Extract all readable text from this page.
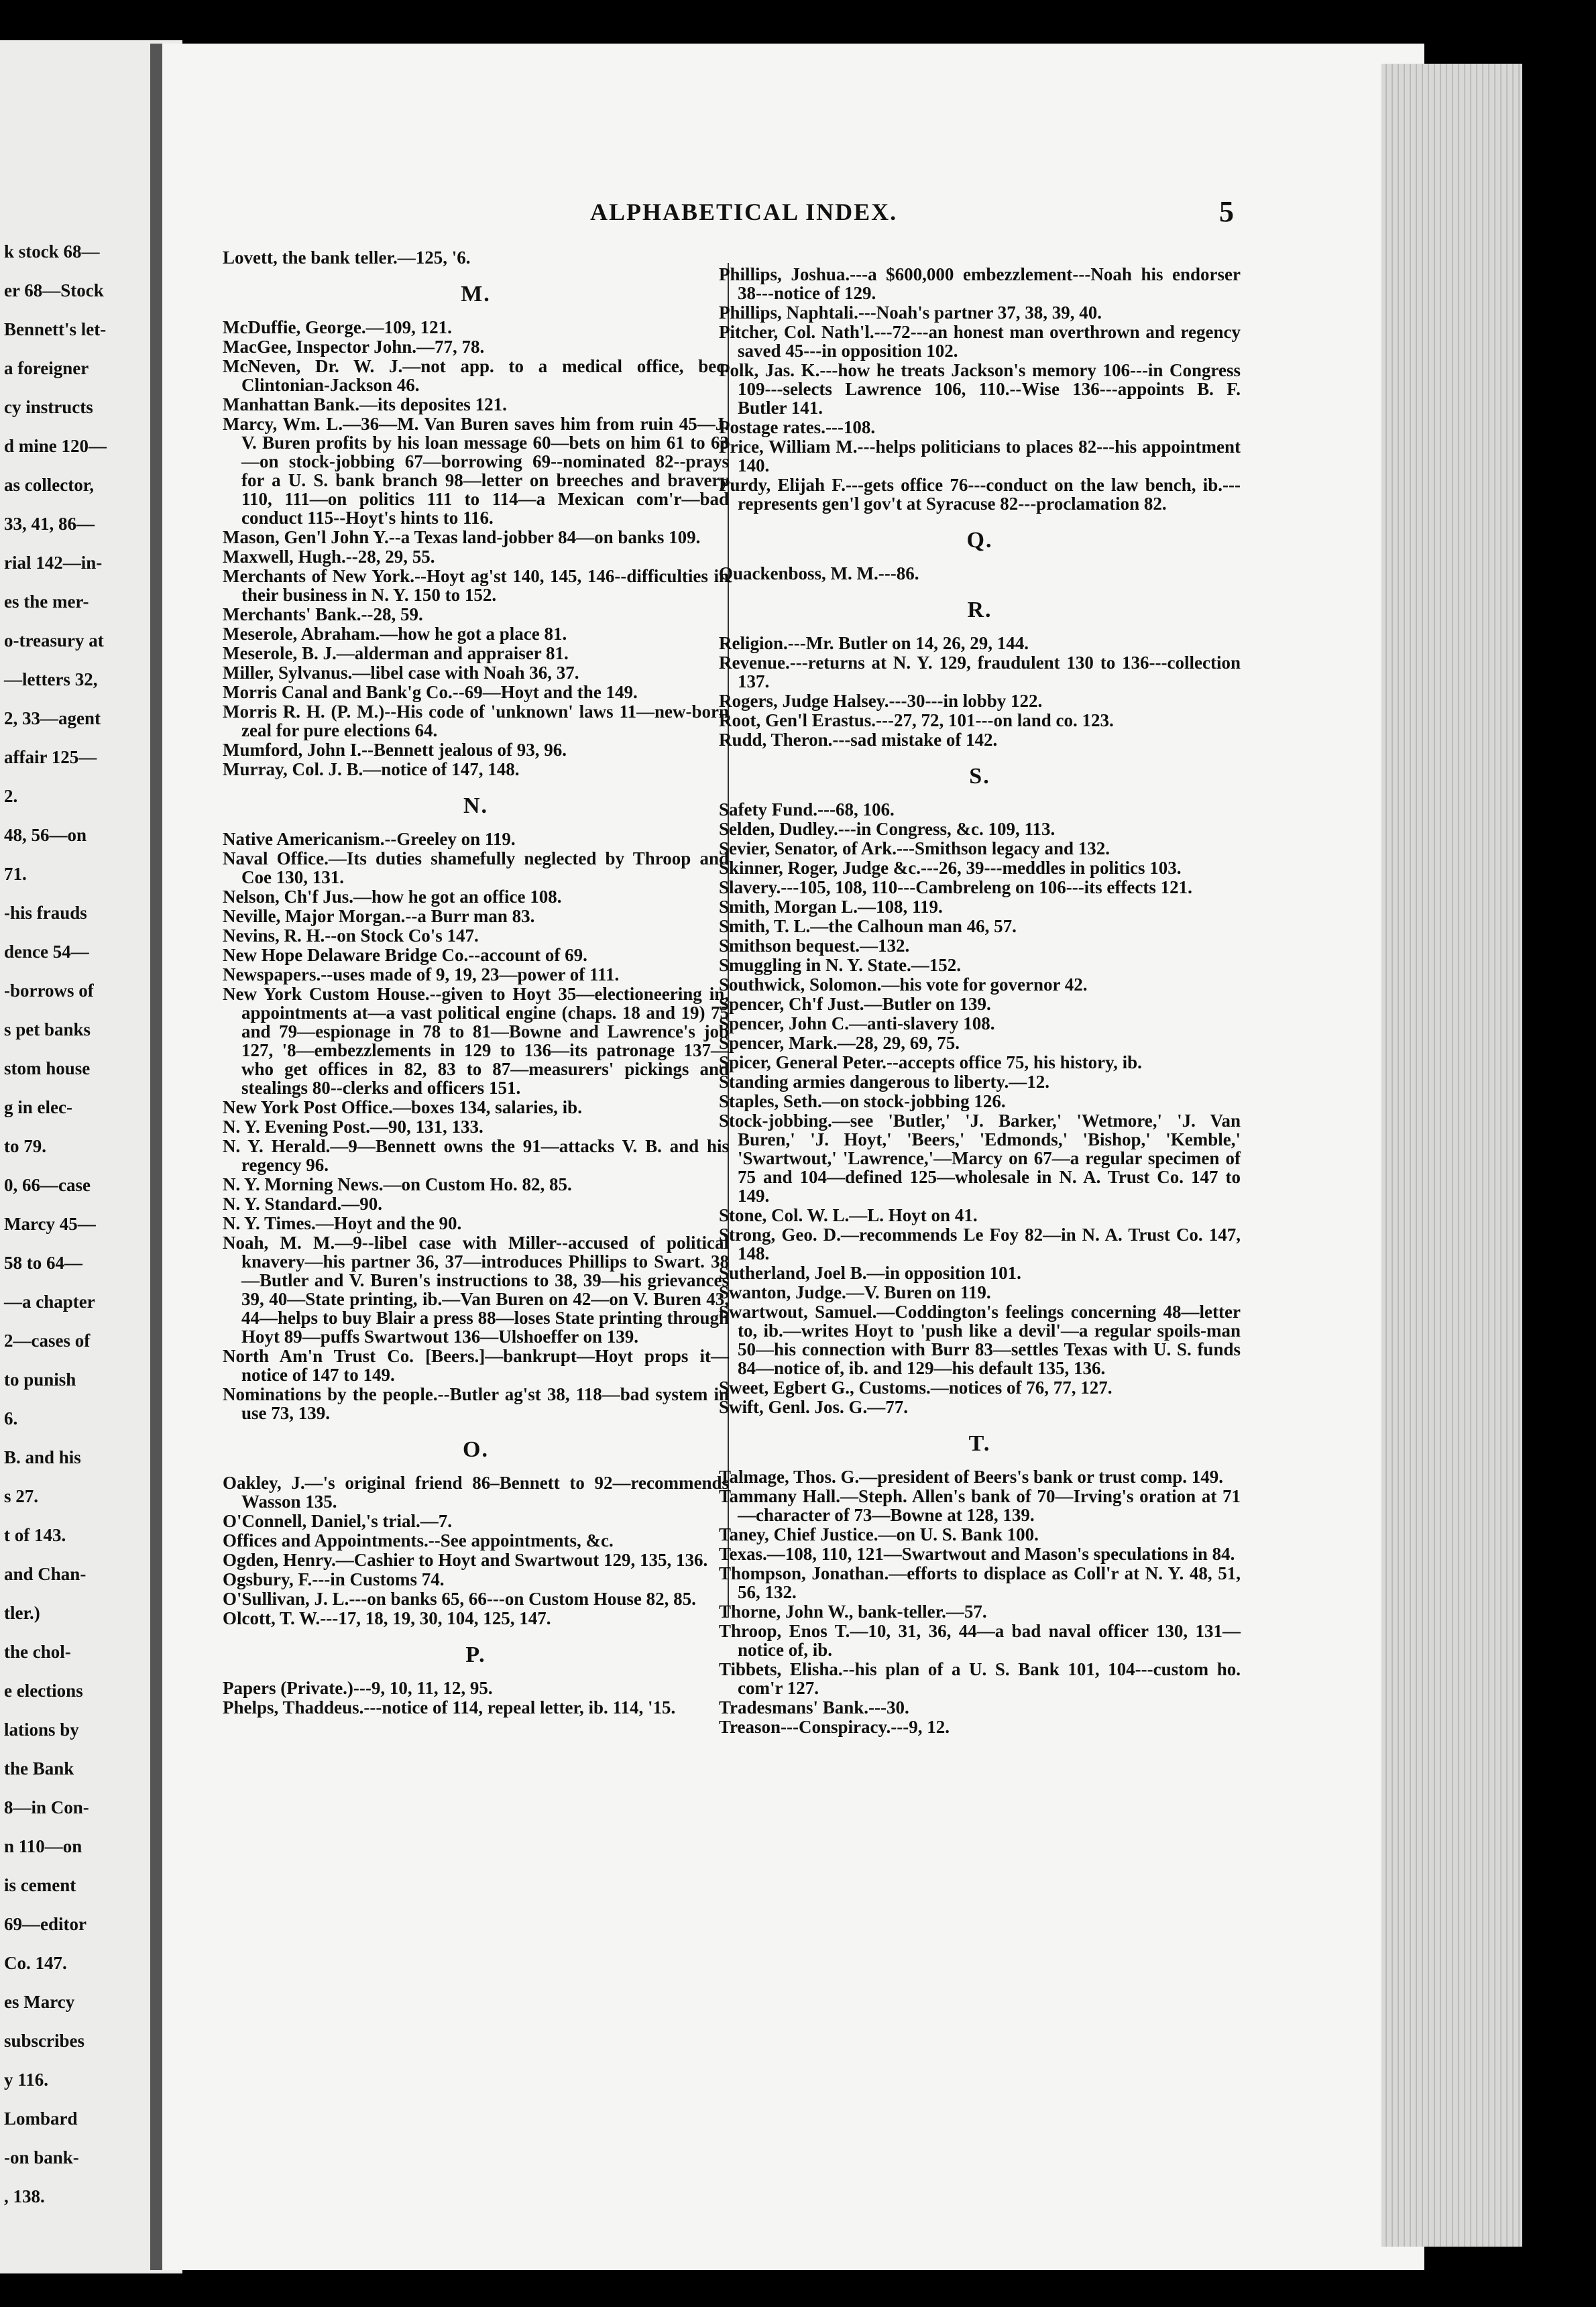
k stock 68—
er 68—Stock
Bennett's let-
a foreigner
cy instructs
d mine 120—
as collector,
33, 41, 86—
rial 142—in-
es the mer-
o-treasury at
—letters 32,
2, 33—agent
affair 125—
2.
48, 56—on
71.
-his frauds
dence 54—
-borrows of
s pet banks
stom house
g in elec-
to 79.
0, 66—case
Marcy 45—
58 to 64—
—a chapter
2—cases of
to punish
6.
B. and his
s 27.
t of 143.
and Chan-
tler.)
the chol-
e elections
lations by
the Bank
8—in Con-
n 110—on
is cement
69—editor
Co. 147.
es Marcy
subscribes
y 116.
Lombard
-on bank-
, 138.
ALPHABETICAL INDEX.	5
Lovett, the bank teller.—125, '6.
M.
McDuffie, George.—109, 121.
MacGee, Inspector John.—77, 78.
McNeven, Dr. W. J.—not app. to a medical office, bec. Clintonian-Jackson 46.
Manhattan Bank.—its deposites 121.
Marcy, Wm. L.—36—M. Van Buren saves him from ruin 45—J. V. Buren profits by his loan message 60—bets on him 61 to 63—on stock-jobbing 67—borrowing 69--nominated 82--prays for a U. S. bank branch 98—letter on breeches and bravery 110, 111—on politics 111 to 114—a Mexican com'r—bad conduct 115--Hoyt's hints to 116.
Mason, Gen'l John Y.--a Texas land-jobber 84—on banks 109.
Maxwell, Hugh.--28, 29, 55.
Merchants of New York.--Hoyt ag'st 140, 145, 146--difficulties in their business in N. Y. 150 to 152.
Merchants' Bank.--28, 59.
Meserole, Abraham.—how he got a place 81.
Meserole, B. J.—alderman and appraiser 81.
Miller, Sylvanus.—libel case with Noah 36, 37.
Morris Canal and Bank'g Co.--69—Hoyt and the 149.
Morris R. H. (P. M.)--His code of 'unknown' laws 11—new-born zeal for pure elections 64.
Mumford, John I.--Bennett jealous of 93, 96.
Murray, Col. J. B.—notice of 147, 148.
N.
Native Americanism.--Greeley on 119.
Naval Office.—Its duties shamefully neglected by Throop and Coe 130, 131.
Nelson, Ch'f Jus.—how he got an office 108.
Neville, Major Morgan.--a Burr man 83.
Nevins, R. H.--on Stock Co's 147.
New Hope Delaware Bridge Co.--account of 69.
Newspapers.--uses made of 9, 19, 23—power of 111.
New York Custom House.--given to Hoyt 35—electioneering in, appointments at—a vast political engine (chaps. 18 and 19) 75 and 79—espionage in 78 to 81—Bowne and Lawrence's job 127, '8—embezzlements in 129 to 136—its patronage 137—who get offices in 82, 83 to 87—measurers' pickings and stealings 80--clerks and officers 151.
New York Post Office.—boxes 134, salaries, ib.
N. Y. Evening Post.—90, 131, 133.
N. Y. Herald.—9—Bennett owns the 91—attacks V. B. and his regency 96.
N. Y. Morning News.—on Custom Ho. 82, 85.
N. Y. Standard.—90.
N. Y. Times.—Hoyt and the 90.
Noah, M. M.—9--libel case with Miller--accused of political knavery—his partner 36, 37—introduces Phillips to Swart. 38—Butler and V. Buren's instructions to 38, 39—his grievances 39, 40—State printing, ib.—Van Buren on 42—on V. Buren 43, 44—helps to buy Blair a press 88—loses State printing through Hoyt 89—puffs Swartwout 136—Ulshoeffer on 139.
North Am'n Trust Co. [Beers.]—bankrupt—Hoyt props it—notice of 147 to 149.
Nominations by the people.--Butler ag'st 38, 118—bad system in use 73, 139.
O.
Oakley, J.—'s original friend 86–Bennett to 92—recommends Wasson 135.
O'Connell, Daniel,'s trial.—7.
Offices and Appointments.--See appointments, &c.
Ogden, Henry.—Cashier to Hoyt and Swartwout 129, 135, 136.
Ogsbury, F.---in Customs 74.
O'Sullivan, J. L.---on banks 65, 66---on Custom House 82, 85.
Olcott, T. W.---17, 18, 19, 30, 104, 125, 147.
P.
Papers (Private.)---9, 10, 11, 12, 95.
Phelps, Thaddeus.---notice of 114, repeal letter, ib. 114, '15.
Phillips, Joshua.---a $600,000 embezzlement---Noah his endorser 38---notice of 129.
Phillips, Naphtali.---Noah's partner 37, 38, 39, 40.
Pitcher, Col. Nath'l.---72---an honest man overthrown and regency saved 45---in opposition 102.
Polk, Jas. K.---how he treats Jackson's memory 106---in Congress 109---selects Lawrence 106, 110.--Wise 136---appoints B. F. Butler 141.
Postage rates.---108.
Price, William M.---helps politicians to places 82---his appointment 140.
Purdy, Elijah F.---gets office 76---conduct on the law bench, ib.---represents gen'l gov't at Syracuse 82---proclamation 82.
Q.
Quackenboss, M. M.---86.
R.
Religion.---Mr. Butler on 14, 26, 29, 144.
Revenue.---returns at N. Y. 129, fraudulent 130 to 136---collection 137.
Rogers, Judge Halsey.---30---in lobby 122.
Root, Gen'l Erastus.---27, 72, 101---on land co. 123.
Rudd, Theron.---sad mistake of 142.
S.
Safety Fund.---68, 106.
Selden, Dudley.---in Congress, &c. 109, 113.
Sevier, Senator, of Ark.---Smithson legacy and 132.
Skinner, Roger, Judge &c.---26, 39---meddles in politics 103.
Slavery.---105, 108, 110---Cambreleng on 106---its effects 121.
Smith, Morgan L.—108, 119.
Smith, T. L.—the Calhoun man 46, 57.
Smithson bequest.—132.
Smuggling in N. Y. State.—152.
Southwick, Solomon.—his vote for governor 42.
Spencer, Ch'f Just.—Butler on 139.
Spencer, John C.—anti-slavery 108.
Spencer, Mark.—28, 29, 69, 75.
Spicer, General Peter.--accepts office 75, his history, ib.
Standing armies dangerous to liberty.—12.
Staples, Seth.—on stock-jobbing 126.
Stock-jobbing.—see 'Butler,' 'J. Barker,' 'Wetmore,' 'J. Van Buren,' 'J. Hoyt,' 'Beers,' 'Edmonds,' 'Bishop,' 'Kemble,' 'Swartwout,' 'Lawrence,'—Marcy on 67—a regular specimen of 75 and 104—defined 125—wholesale in N. A. Trust Co. 147 to 149.
Stone, Col. W. L.—L. Hoyt on 41.
Strong, Geo. D.—recommends Le Foy 82—in N. A. Trust Co. 147, 148.
Sutherland, Joel B.—in opposition 101.
Swanton, Judge.—V. Buren on 119.
Swartwout, Samuel.—Coddington's feelings concerning 48—letter to, ib.—writes Hoyt to 'push like a devil'—a regular spoils-man 50—his connection with Burr 83—settles Texas with U. S. funds 84—notice of, ib. and 129—his default 135, 136.
Sweet, Egbert G., Customs.—notices of 76, 77, 127.
Swift, Genl. Jos. G.—77.
T.
Talmage, Thos. G.—president of Beers's bank or trust comp. 149.
Tammany Hall.—Steph. Allen's bank of 70—Irving's oration at 71—character of 73—Bowne at 128, 139.
Taney, Chief Justice.—on U. S. Bank 100.
Texas.—108, 110, 121—Swartwout and Mason's speculations in 84.
Thompson, Jonathan.—efforts to displace as Coll'r at N. Y. 48, 51, 56, 132.
Thorne, John W., bank-teller.—57.
Throop, Enos T.—10, 31, 36, 44—a bad naval officer 130, 131—notice of, ib.
Tibbets, Elisha.--his plan of a U. S. Bank 101, 104---custom ho. com'r 127.
Tradesmans' Bank.---30.
Treason---Conspiracy.---9, 12.
